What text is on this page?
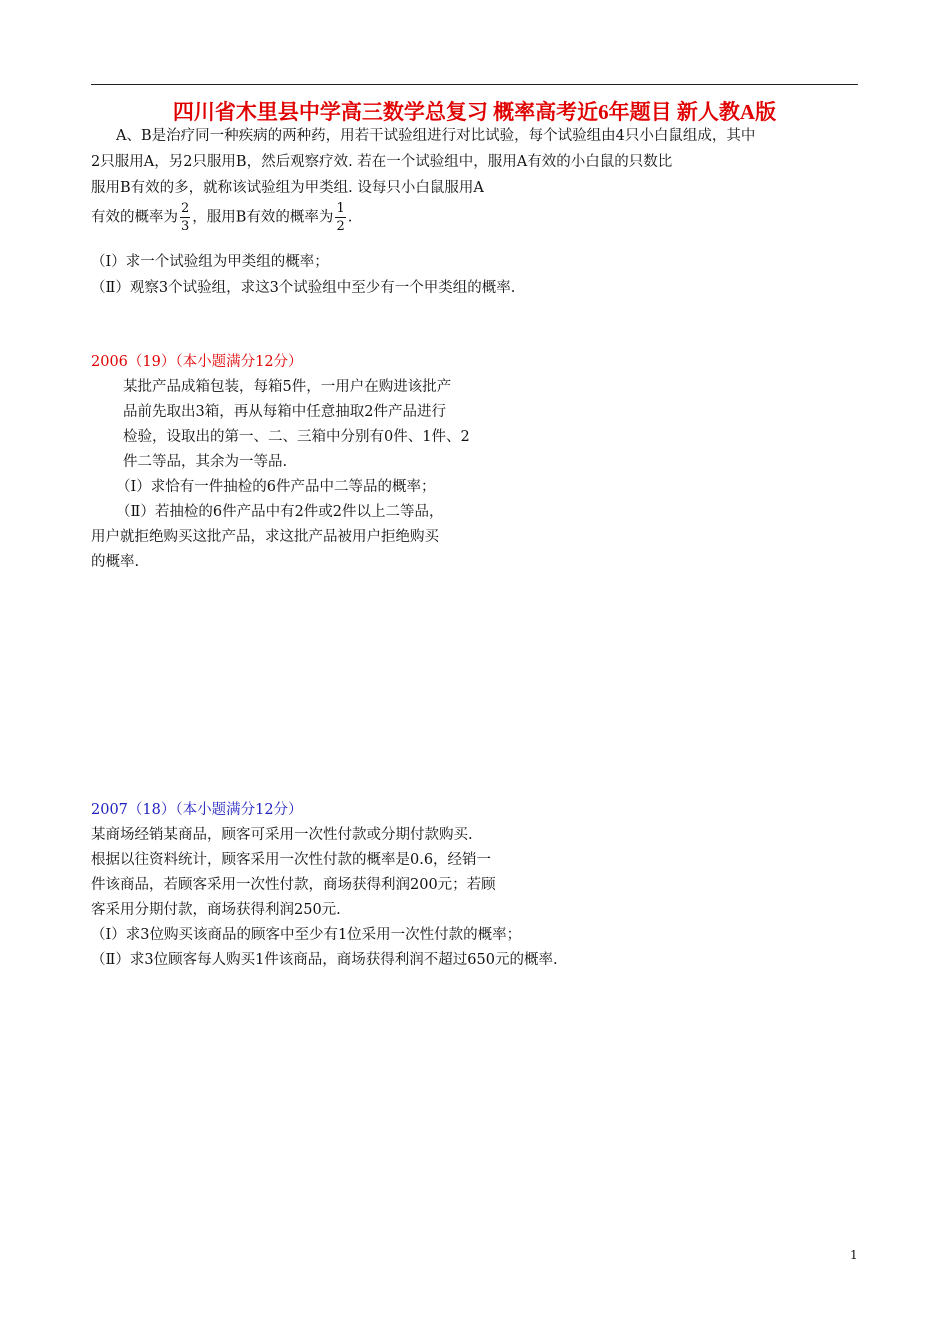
四川省木里县中学高三数学总复习 概率高考近6年题目 新人教A版
A、B是治疗同一种疾病的两种药，用若干试验组进行对比试验，每个试验组由4只小白鼠组成，其中
2只服用A，另2只服用B，然后观察疗效. 若在一个试验组中，服用A有效的小白鼠的只数比
服用B有效的多，就称该试验组为甲类组. 设每只小白鼠服用A
有效的概率为 $\frac{2}{3}$ ，服用B有效的概率为 $\frac{1}{2}$ .
（Ⅰ）求一个试验组为甲类组的概率；
（Ⅱ）观察3个试验组，求这3个试验组中至少有一个甲类组的概率.
2006（19）（本小题满分12分）
某批产品成箱包装，每箱5件，一用户在购进该批产
品前先取出3箱，再从每箱中任意抽取2件产品进行
检验，设取出的第一、二、三箱中分别有0件、1件、2
件二等品，其余为一等品.
（Ⅰ）求恰有一件抽检的6件产品中二等品的概率；
（Ⅱ）若抽检的6件产品中有2件或2件以上二等品，
用户就拒绝购买这批产品，求这批产品被用户拒绝购买
的概率.
2007（18）（本小题满分12分）
某商场经销某商品，顾客可采用一次性付款或分期付款购买.
根据以往资料统计，顾客采用一次性付款的概率是0.6，经销一
件该商品，若顾客采用一次性付款，商场获得利润200元；若顾
客采用分期付款，商场获得利润250元.
（Ⅰ）求3位购买该商品的顾客中至少有1位采用一次性付款的概率；
（Ⅱ）求3位顾客每人购买1件该商品，商场获得利润不超过650元的概率.
1
